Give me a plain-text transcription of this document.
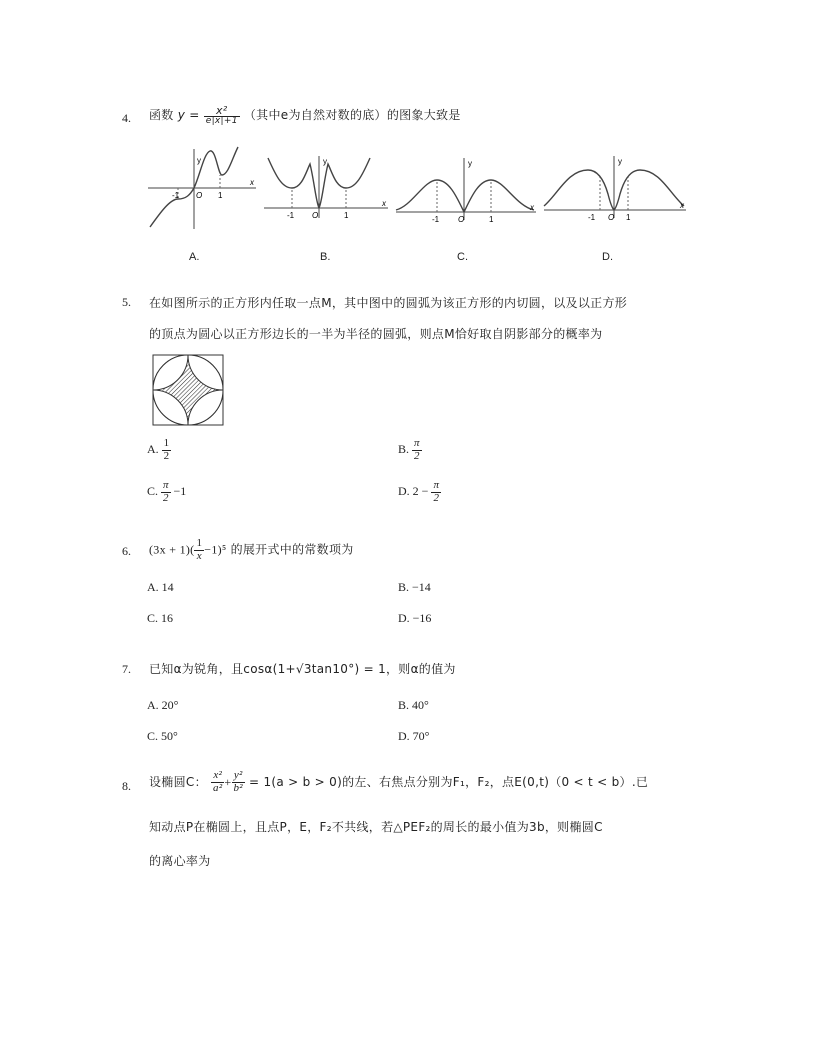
4. 函数 $y = \frac{\text{x²}}{e|x|+1}$ （其中e为自然对数的底）的图象大致是
y
-1 O 1
x
y
-1 O	1
x
y
-1 O	1
x
y
-1 O 1
x
A.	B.	C.	D.
5. 在如图所示的正方形内任取一点M，其中图中的圆弧为该正方形的内切圆，以及以正方形
的顶点为圆心以正方形边长的一半为半径的圆弧，则点M恰好取自阴影部分的概率为
A. $\frac{1}{2}$	B. $\frac{\pi}{2}$
C. $\frac{\pi}{2} -1$	D. $2 - \frac{\pi}{2}$
6. $(3x + 1)( \frac{1}{x} -1)^5$ 的展开式中的常数项为
A. 14	B. −14
C. 16	D. −16
7. 已知α为锐角，且cosα(1+√3tan10°) = 1，则α的值为
A. 20°	B. 40°
C. 50°	D. 70°
8. 设椭圆C： $\frac{\text{x²}}{\text{a²}} + \frac{\text{y²}}{\text{b²}} = 1(a > b > 0)$的左、右焦点分别为F₁，F₂，点E(0,t)（0 < t < b）.已
知动点P在椭圆上，且点P，E，F₂不共线，若△PEF₂的周长的最小值为3b，则椭圆C
的离心率为
